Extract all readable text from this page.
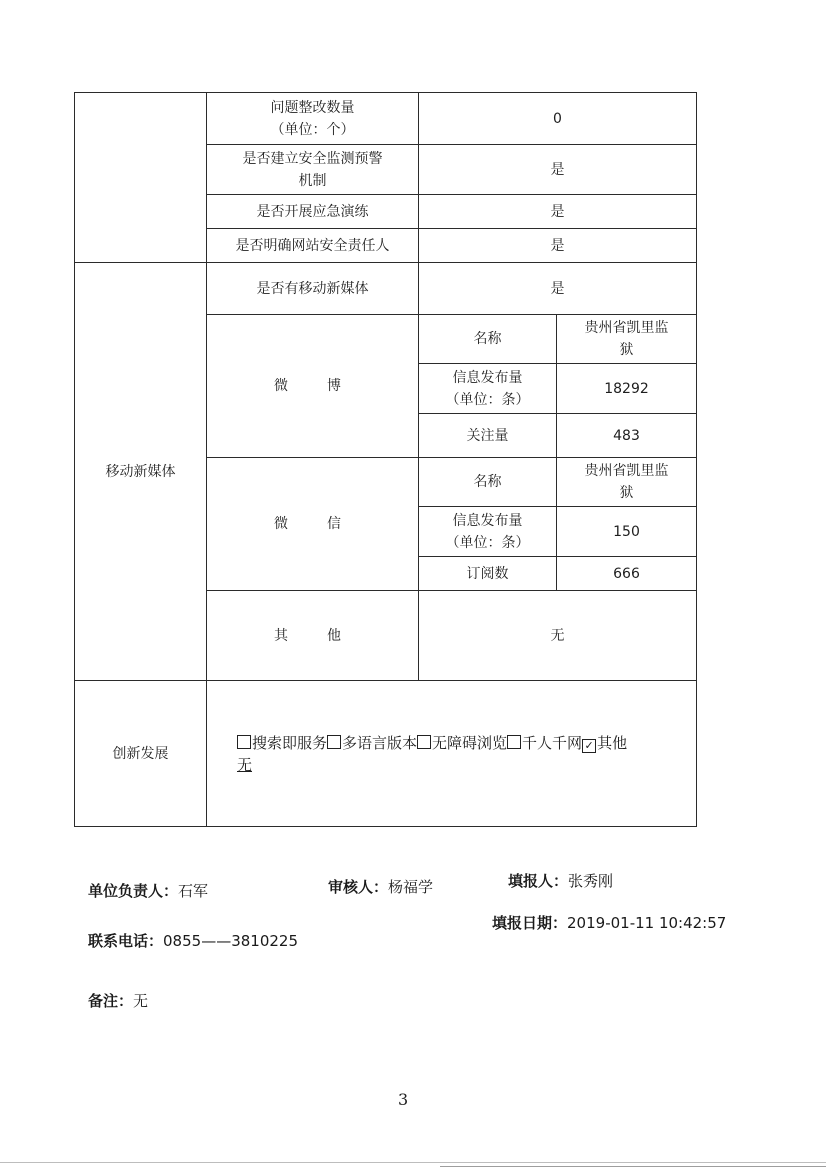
	问题整改数量
（单位：个）	0	
	是否建立安全监测预警
机制	是	
	是否开展应急演练	是	
	是否明确网站安全责任人	是	
移动新媒体	是否有移动新媒体	是	
	微  博	名称	贵州省凯里监
狱
		信息发布量
（单位：条）	18292
		关注量	483
	微  信	名称	贵州省凯里监
狱
		信息发布量
（单位：条）	150
		订阅数	666
	其  他	无	
创新发展	搜索即服务 多语言版本 无障碍浏览 千人千网 ✓ 其他
无		
单位负责人：石军	审核人：杨福学	填报人：张秀刚
联系电话：0855——3810225
填报日期：2019-01-11 10:42:57
备注：无
3
